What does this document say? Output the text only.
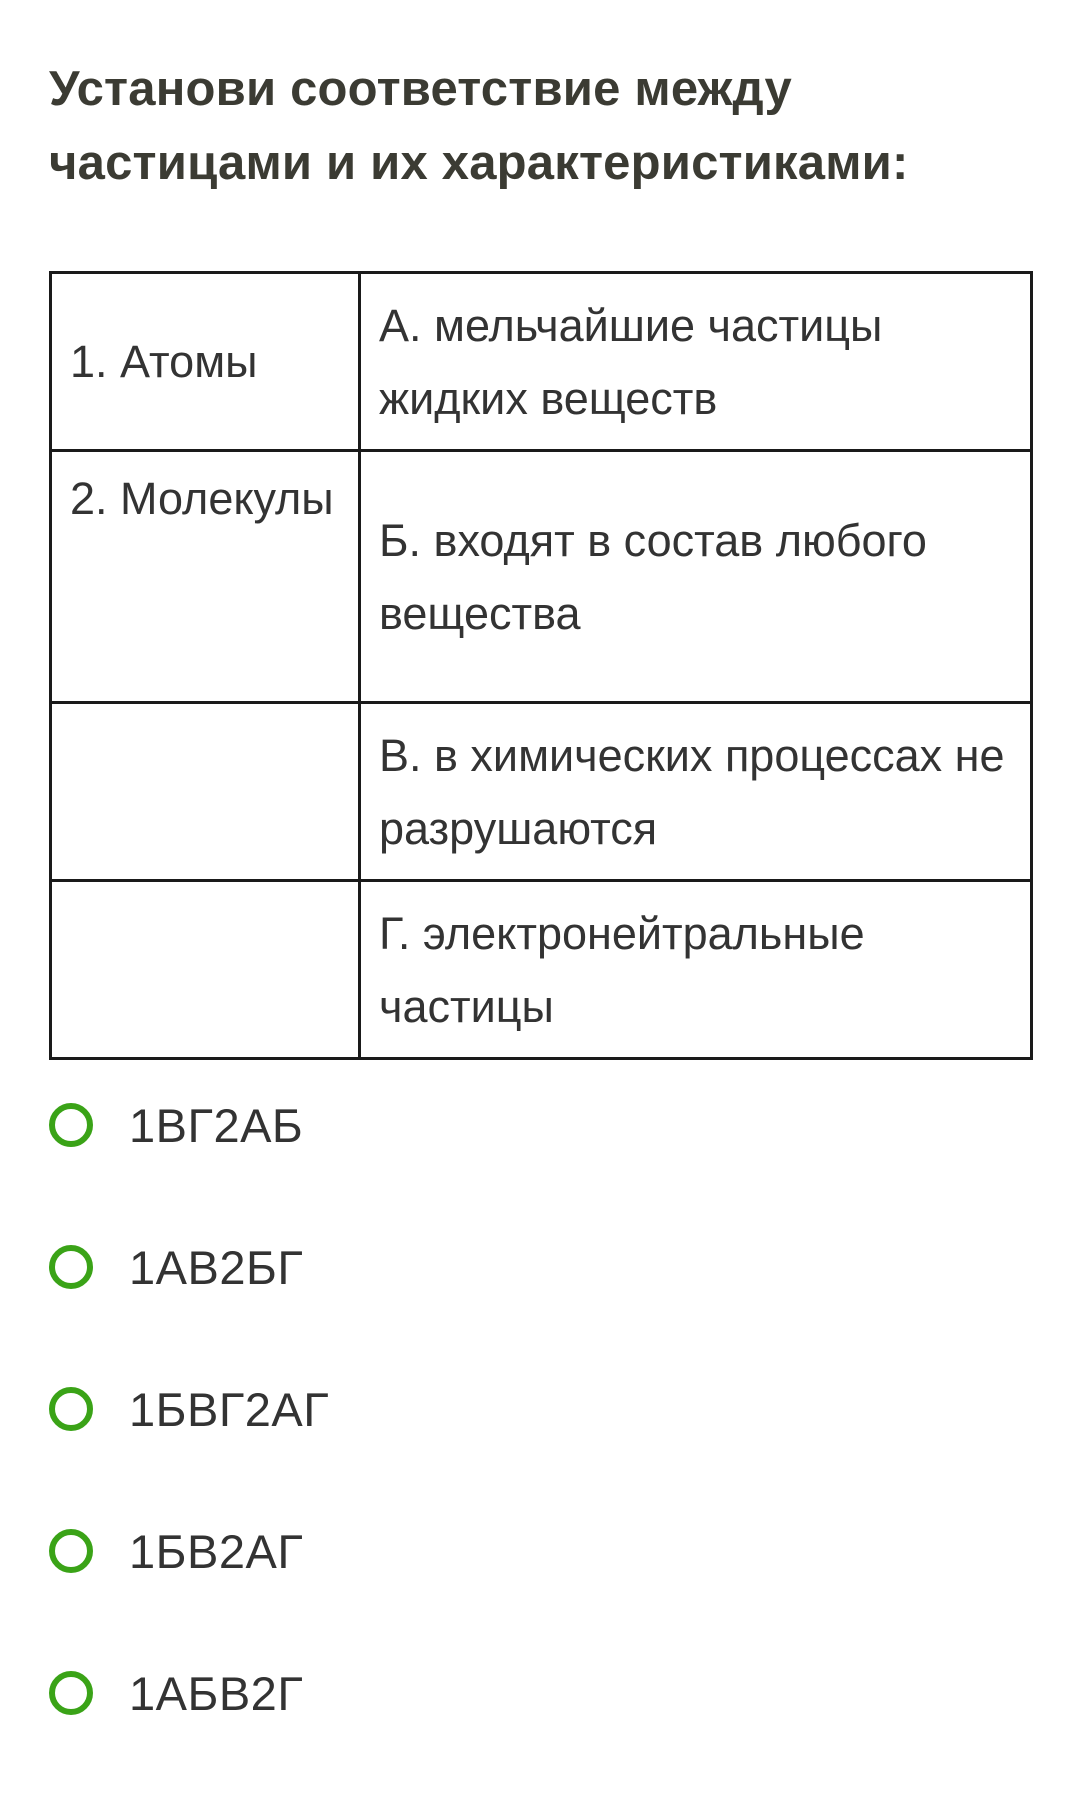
Установи соответствие между частицами и их характеристиками:
1. Атомы	А. мельчайшие частицы жидких веществ
2. Молекулы	Б. входят в состав любого вещества
	В. в химических процессах не разрушаются
	Г. электронейтральные частицы
1ВГ2АБ
1АВ2БГ
1БВГ2АГ
1БВ2АГ
1АБВ2Г
